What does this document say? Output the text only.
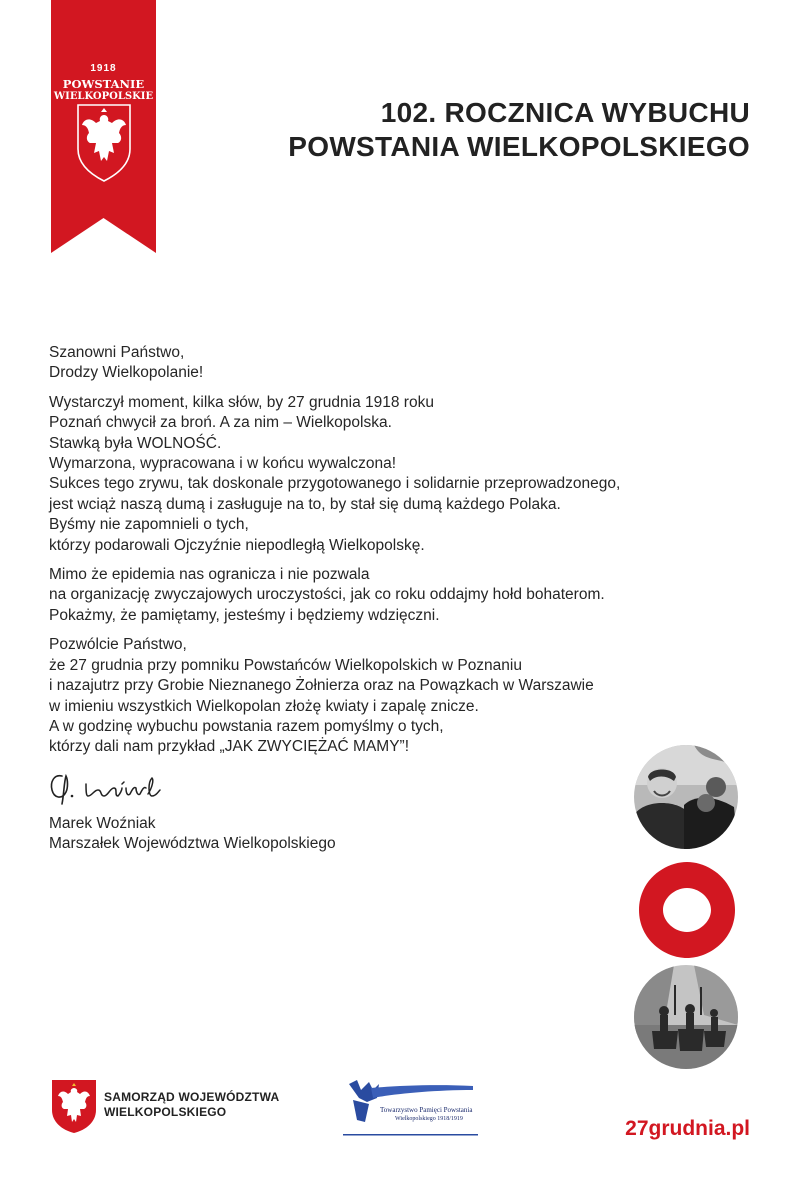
1918
POWSTANIE
WIELKOPOLSKIE
102. ROCZNICA WYBUCHU
POWSTANIA WIELKOPOLSKIEGO
Szanowni Państwo,
Drodzy Wielkopolanie!
Wystarczył moment, kilka słów, by 27 grudnia 1918 roku
Poznań chwycił za broń. A za nim – Wielkopolska.
Stawką była WOLNOŚĆ.
Wymarzona, wypracowana i w końcu wywalczona!
Sukces tego zrywu, tak doskonale przygotowanego i solidarnie przeprowadzonego,
jest wciąż naszą dumą i zasługuje na to, by stał się dumą każdego Polaka.
Byśmy nie zapomnieli o tych,
którzy podarowali Ojczyźnie niepodległą Wielkopolskę.
Mimo że epidemia nas ogranicza i nie pozwala
na organizację zwyczajowych uroczystości, jak co roku oddajmy hołd bohaterom.
Pokażmy, że pamiętamy, jesteśmy i będziemy wdzięczni.
Pozwólcie Państwo,
że 27 grudnia przy pomniku Powstańców Wielkopolskich w Poznaniu
i nazajutrz przy Grobie Nieznanego Żołnierza oraz na Powązkach w Warszawie
w imieniu wszystkich Wielkopolan złożę kwiaty i zapalę znicze.
A w godzinę wybuchu powstania razem pomyślmy o tych,
którzy dali nam przykład „JAK ZWYCIĘŻAĆ MAMY”!
Marek Woźniak
Marszałek Województwa Wielkopolskiego
SAMORZĄD WOJEWÓDZTWA
WIELKOPOLSKIEGO	Towarzystwo Pamięci Powstania
Wielkopolskiego 1918/1919	27grudnia.pl
